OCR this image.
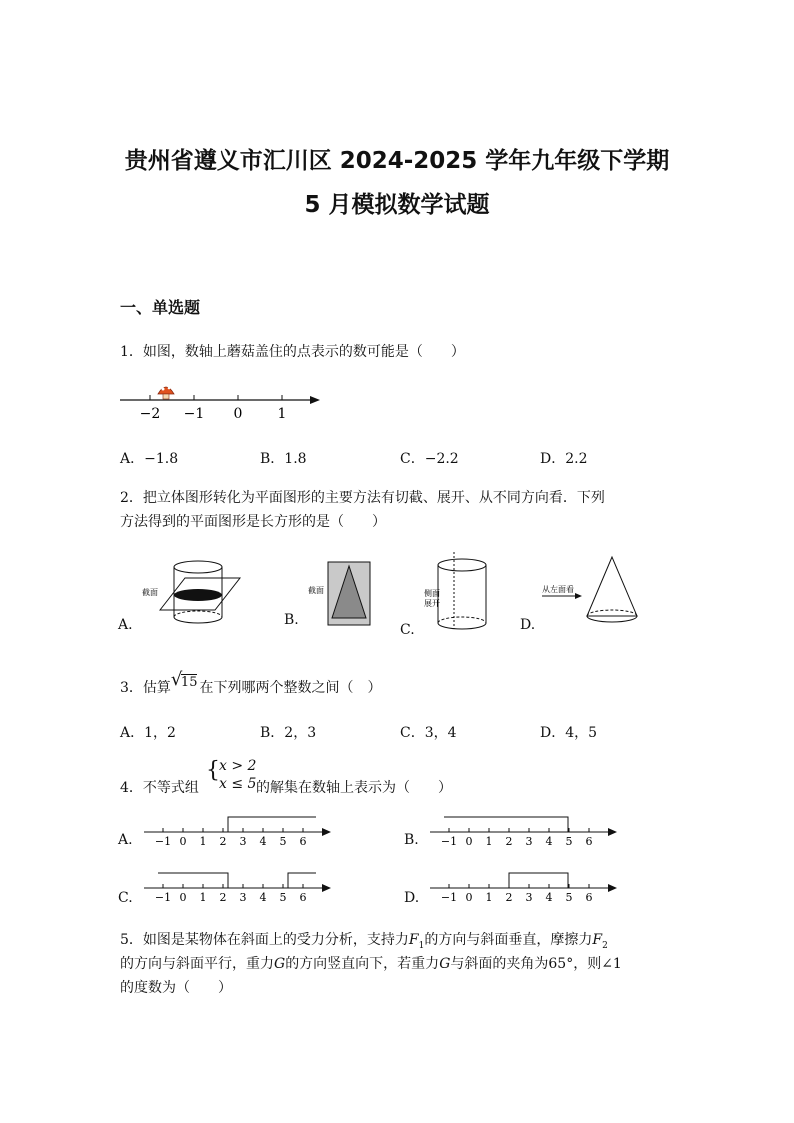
贵州省遵义市汇川区 2024-2025 学年九年级下学期
5 月模拟数学试题
一、单选题
1．如图，数轴上蘑菇盖住的点表示的数可能是（　　）
−2 −1 0	1
A．−1.8	B．1.8	C．−2.2	D．2.2
2．把立体图形转化为平面图形的主要方法有切截、展开、从不同方向看．下列
方法得到的平面图形是长方形的是（　　）
A.
截面
B.
截面
C.
侧面
展开
D.
从左面看
3．估算 √
15 在下列哪两个整数之间（　）
A．1，2	B．2，3	C．3，4	D．4，5
4．不等式组
{ x > 2
x ≤ 5 的解集在数轴上表示为（　　）
A. −1 0 1 2 3 4 5 6	B. −1 0 1 2 3 4 5 6
C. −1 0 1 2 3 4 5 6	D. −1 0 1 2 3 4 5 6
5．如图是某物体在斜面上的受力分析，支持力$F_1$的方向与斜面垂直，摩擦力$F_2$
的方向与斜面平行，重力G的方向竖直向下，若重力G与斜面的夹角为65°，则∠1
的度数为（　　）
